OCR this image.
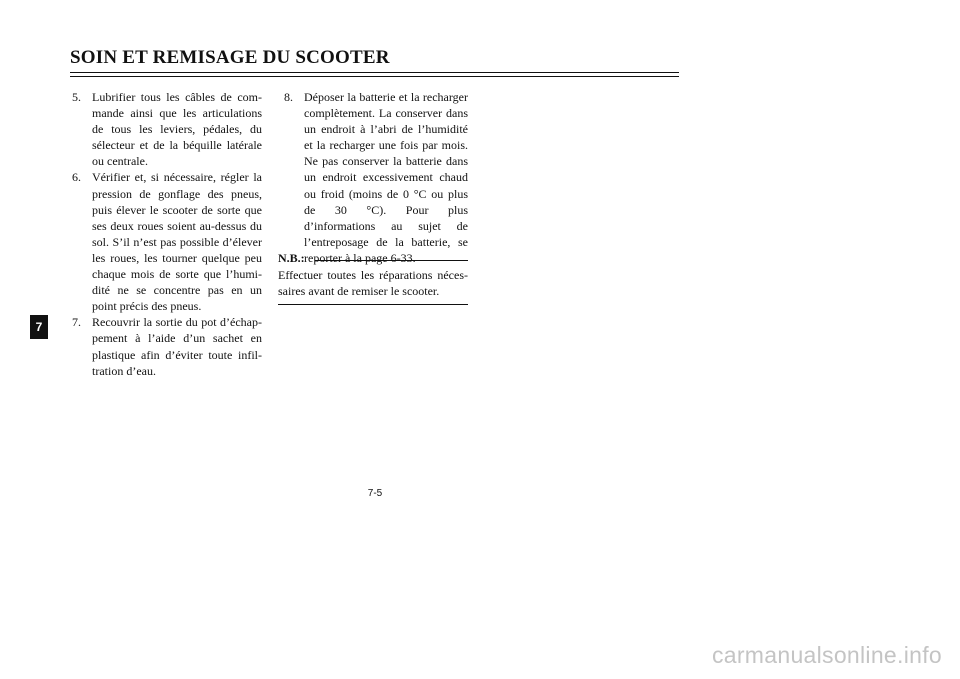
SOIN ET REMISAGE DU SCOOTER
7
5. Lubrifier tous les câbles de commande ainsi que les articulations de tous les leviers, pédales, du sélecteur et de la béquille latérale ou centrale.
6. Vérifier et, si nécessaire, régler la pression de gonflage des pneus, puis élever le scooter de sorte que ses deux roues soient au-dessus du sol. S’il n’est pas possible d’élever les roues, les tourner quelque peu chaque mois de sorte que l’humidité ne se concentre pas en un point précis des pneus.
7. Recouvrir la sortie du pot d’échappement à l’aide d’un sachet en plastique afin d’éviter toute infiltration d’eau.
8. Déposer la batterie et la recharger complètement. La conserver dans un endroit à l’abri de l’humidité et la recharger une fois par mois. Ne pas conserver la batterie dans un endroit excessivement chaud ou froid (moins de 0 °C ou plus de 30 °C). Pour plus d’informations au sujet de l’entreposage de la batterie, se reporter à la page 6-33.
N.B.:
Effectuer toutes les réparations nécessaires avant de remiser le scooter.
7-5
carmanualsonline.info
